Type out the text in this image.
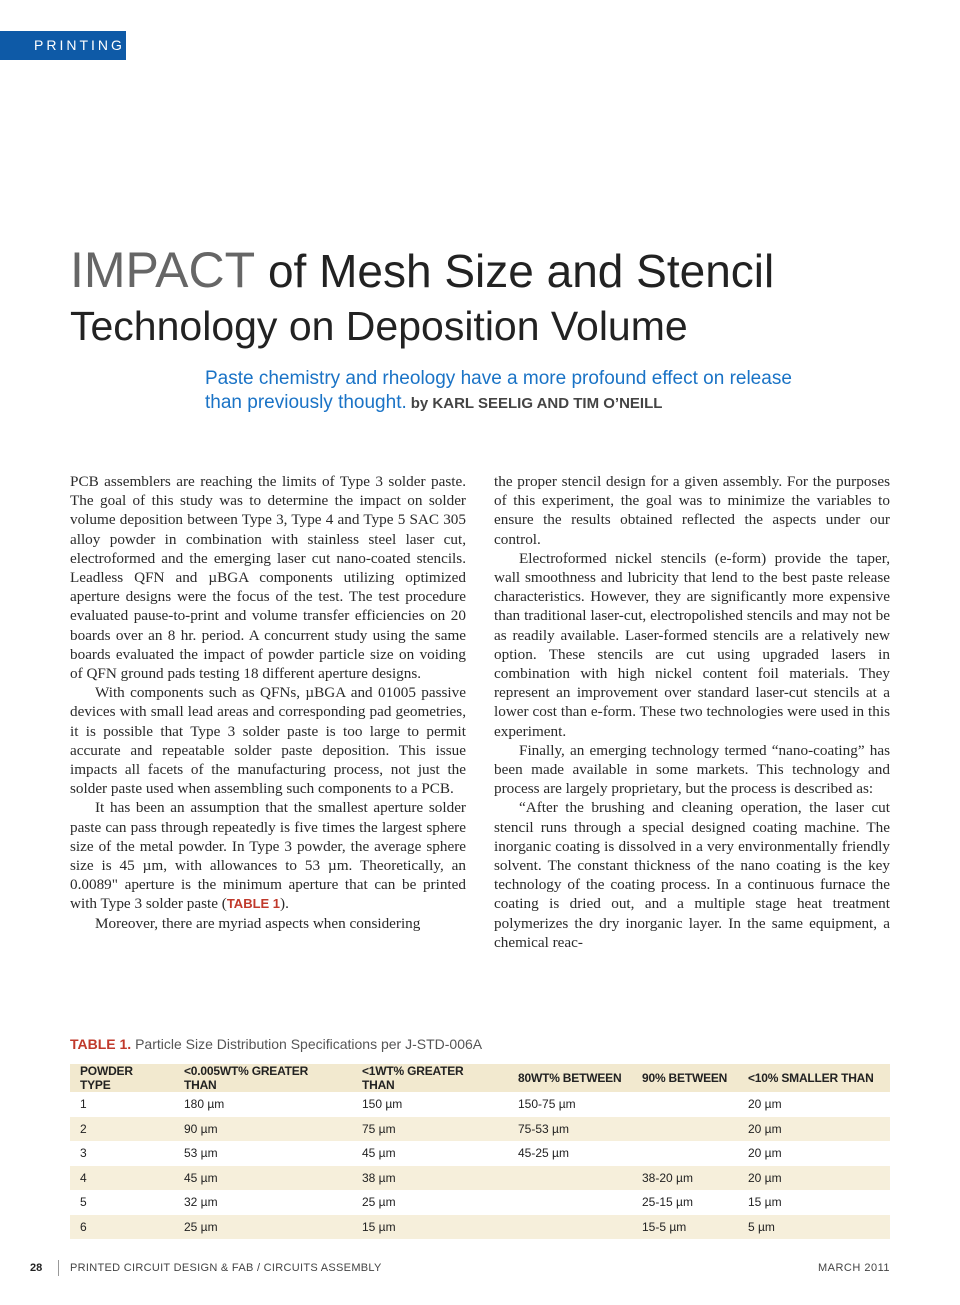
PRINTING
IMPACT of Mesh Size and Stencil
Technology on Deposition Volume
Paste chemistry and rheology have a more profound effect on release
than previously thought. by KARL SEELIG AND TIM O’NEILL

PCB assemblers are reaching the limits of Type 3 solder paste. The goal of this study was to determine the impact on solder volume deposition between Type 3, Type 4 and Type 5 SAC 305 alloy powder in combination with stainless steel laser cut, electroformed and the emerging laser cut nano-coated stencils. Leadless QFN and µBGA components utilizing optimized aperture designs were the focus of the test. The test procedure evaluated pause-to-print and volume transfer efficiencies on 20 boards over an 8 hr. period. A concurrent study using the same boards evaluated the impact of powder particle size on voiding of QFN ground pads testing 18 different aperture designs.

With components such as QFNs, µBGA and 01005 passive devices with small lead areas and corresponding pad geometries, it is possible that Type 3 solder paste is too large to permit accurate and repeatable solder paste deposition. This issue impacts all facets of the manufacturing process, not just the solder paste used when assembling such components to a PCB.

It has been an assumption that the smallest aperture solder paste can pass through repeatedly is five times the largest sphere size of the metal powder. In Type 3 powder, the average sphere size is 45 µm, with allowances to 53 µm. Theoretically, an 0.0089" aperture is the minimum aperture that can be printed with Type 3 solder paste (TABLE 1).

Moreover, there are myriad aspects when considering

the proper stencil design for a given assembly. For the purposes of this experiment, the goal was to minimize the variables to ensure the results obtained reflected the aspects under our control.

Electroformed nickel stencils (e-form) provide the taper, wall smoothness and lubricity that lend to the best paste release characteristics. However, they are significantly more expensive than traditional laser-cut, electropolished stencils and may not be as readily available. Laser-formed stencils are a relatively new option. These stencils are cut using upgraded lasers in combination with high nickel content foil materials. They represent an improvement over standard laser-cut stencils at a lower cost than e-form. These two technologies were used in this experiment.

Finally, an emerging technology termed “nano-coating” has been made available in some markets. This technology and process are largely proprietary, but the process is described as:

“After the brushing and cleaning operation, the laser cut stencil runs through a special designed coating machine. The inorganic coating is dissolved in a very environmentally friendly solvent. The constant thickness of the nano coating is the key technology of the coating process. In a continuous furnace the coating is dried out, and a multiple stage heat treatment polymerizes the dry inorganic layer. In the same equipment, a chemical reac-

TABLE 1. Particle Size Distribution Specifications per J-STD-006A
POWDER TYPE	<0.005WT% GREATER THAN	<1WT% GREATER THAN	80WT% BETWEEN	90% BETWEEN	<10% SMALLER THAN
1	180 µm	150 µm	150-75 µm		20 µm
2	90 µm	75 µm	75-53 µm		20 µm
3	53 µm	45 µm	45-25 µm		20 µm
4	45 µm	38 µm		38-20 µm	20 µm
5	32 µm	25 µm		25-15 µm	15 µm
6	25 µm	15 µm		15-5 µm	5 µm
28	PRINTED CIRCUIT DESIGN & FAB / CIRCUITS ASSEMBLY	MARCH 2011
